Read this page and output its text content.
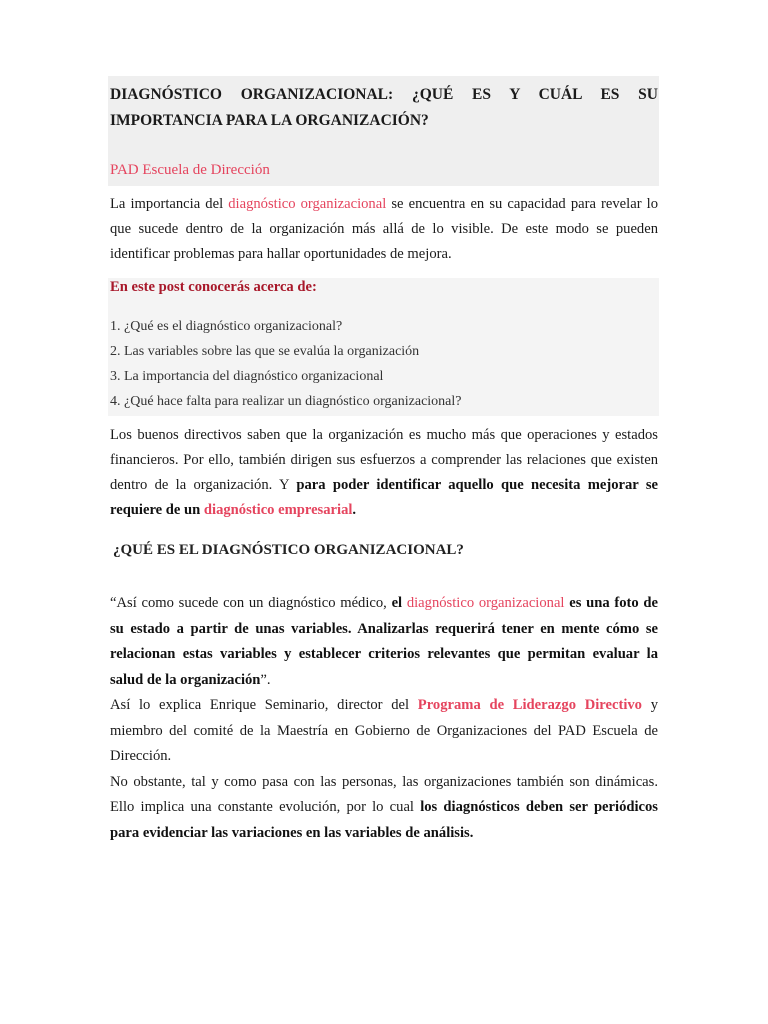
DIAGNÓSTICO ORGANIZACIONAL: ¿QUÉ ES Y CUÁL ES SU IMPORTANCIA PARA LA ORGANIZACIÓN?

PAD Escuela de Dirección

La importancia del diagnóstico organizacional se encuentra en su capacidad para revelar lo que sucede dentro de la organización más allá de lo visible. De este modo se pueden identificar problemas para hallar oportunidades de mejora.

En este post conocerás acerca de:

1. ¿Qué es el diagnóstico organizacional?
2. Las variables sobre las que se evalúa la organización
3. La importancia del diagnóstico organizacional
4. ¿Qué hace falta para realizar un diagnóstico organizacional?

Los buenos directivos saben que la organización es mucho más que operaciones y estados financieros. Por ello, también dirigen sus esfuerzos a comprender las relaciones que existen dentro de la organización. Y para poder identificar aquello que necesita mejorar se requiere de un diagnóstico empresarial.

¿QUÉ ES EL DIAGNÓSTICO ORGANIZACIONAL?
“Así como sucede con un diagnóstico médico, el diagnóstico organizacional es una foto de su estado a partir de unas variables. Analizarlas requerirá tener en mente cómo se relacionan estas variables y establecer criterios relevantes que permitan evaluar la salud de la organización”.
Así lo explica Enrique Seminario, director del Programa de Liderazgo Directivo y miembro del comité de la Maestría en Gobierno de Organizaciones del PAD Escuela de Dirección.
No obstante, tal y como pasa con las personas, las organizaciones también son dinámicas. Ello implica una constante evolución, por lo cual los diagnósticos deben ser periódicos para evidenciar las variaciones en las variables de análisis.
